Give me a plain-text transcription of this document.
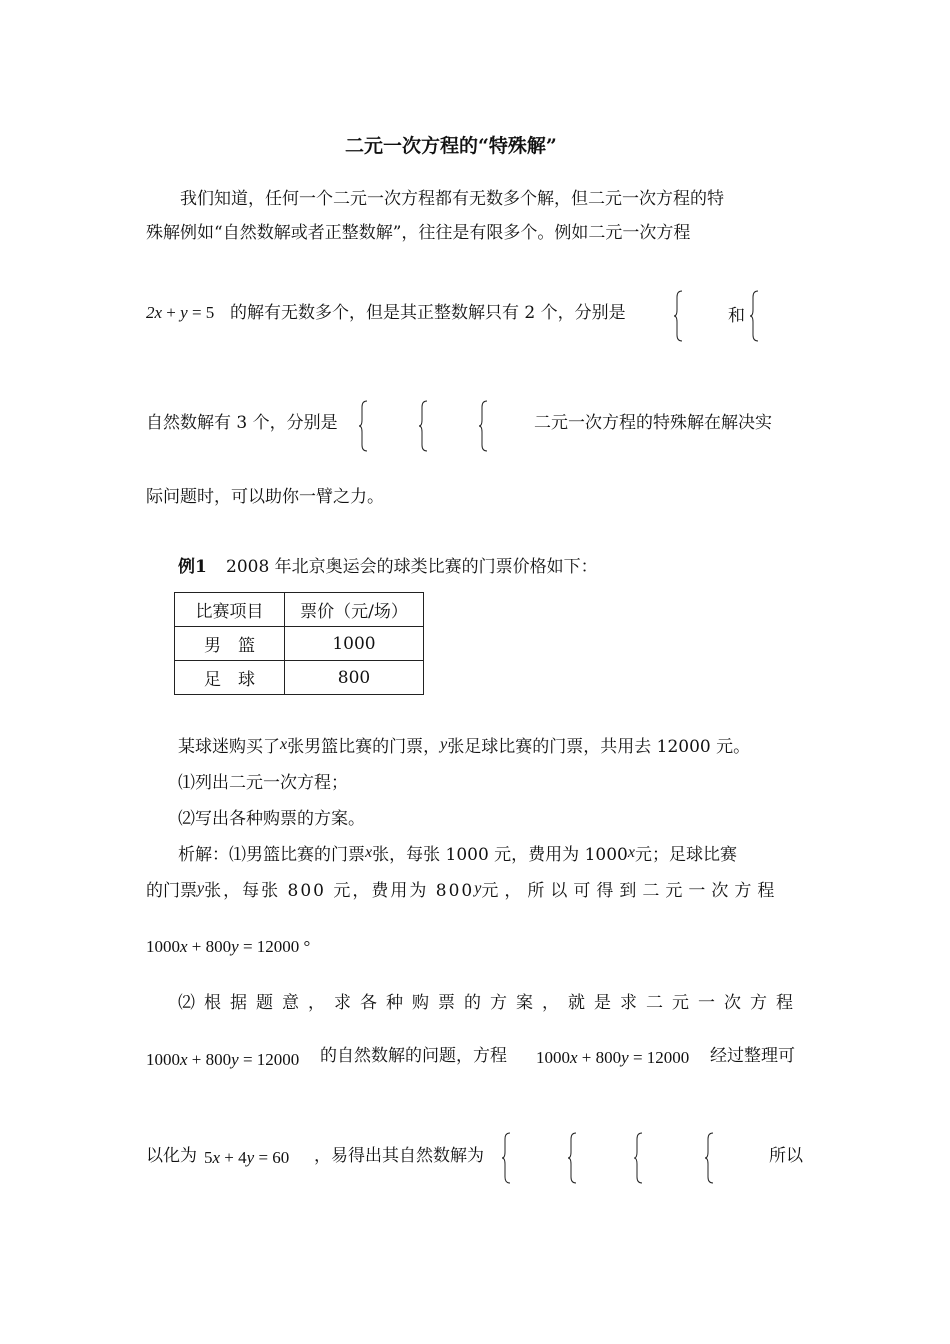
二元一次方程的“特殊解”
我们知道，任何一个二元一次方程都有无数多个解，但二元一次方程的特
殊解例如“自然数解或者正整数解”，往往是有限多个。例如二元一次方程
2x + y = 5 的解有无数多个，但是其正整数解只有 2 个，分别是	和
自然数解有 3 个，分别是	二元一次方程的特殊解在解决实
际问题时，可以助你一臂之力。
例1 2008 年北京奥运会的球类比赛的门票价格如下：
比赛项目	票价（元/场）
男　篮	1000
足　球	800
某球迷购买了x张男篮比赛的门票，y张足球比赛的门票，共用去 12000 元。
⑴列出二元一次方程；
⑵写出各种购票的方案。
析解：⑴男篮比赛的门票x张，每张 1000 元，费用为 1000x元；足球比赛
的门票y张，每张 800 元，费用为 800y元，所以可得到二元一次方程
1000x + 800y = 12000 °
⑵根据题意，求各种购票的方案，就是求二元一次方程
1000x + 800y = 12000 的自然数解的问题，方程 1000x + 800y = 12000 经过整理可
以化为 5x + 4y = 60 ，易得出其自然数解为	所以
